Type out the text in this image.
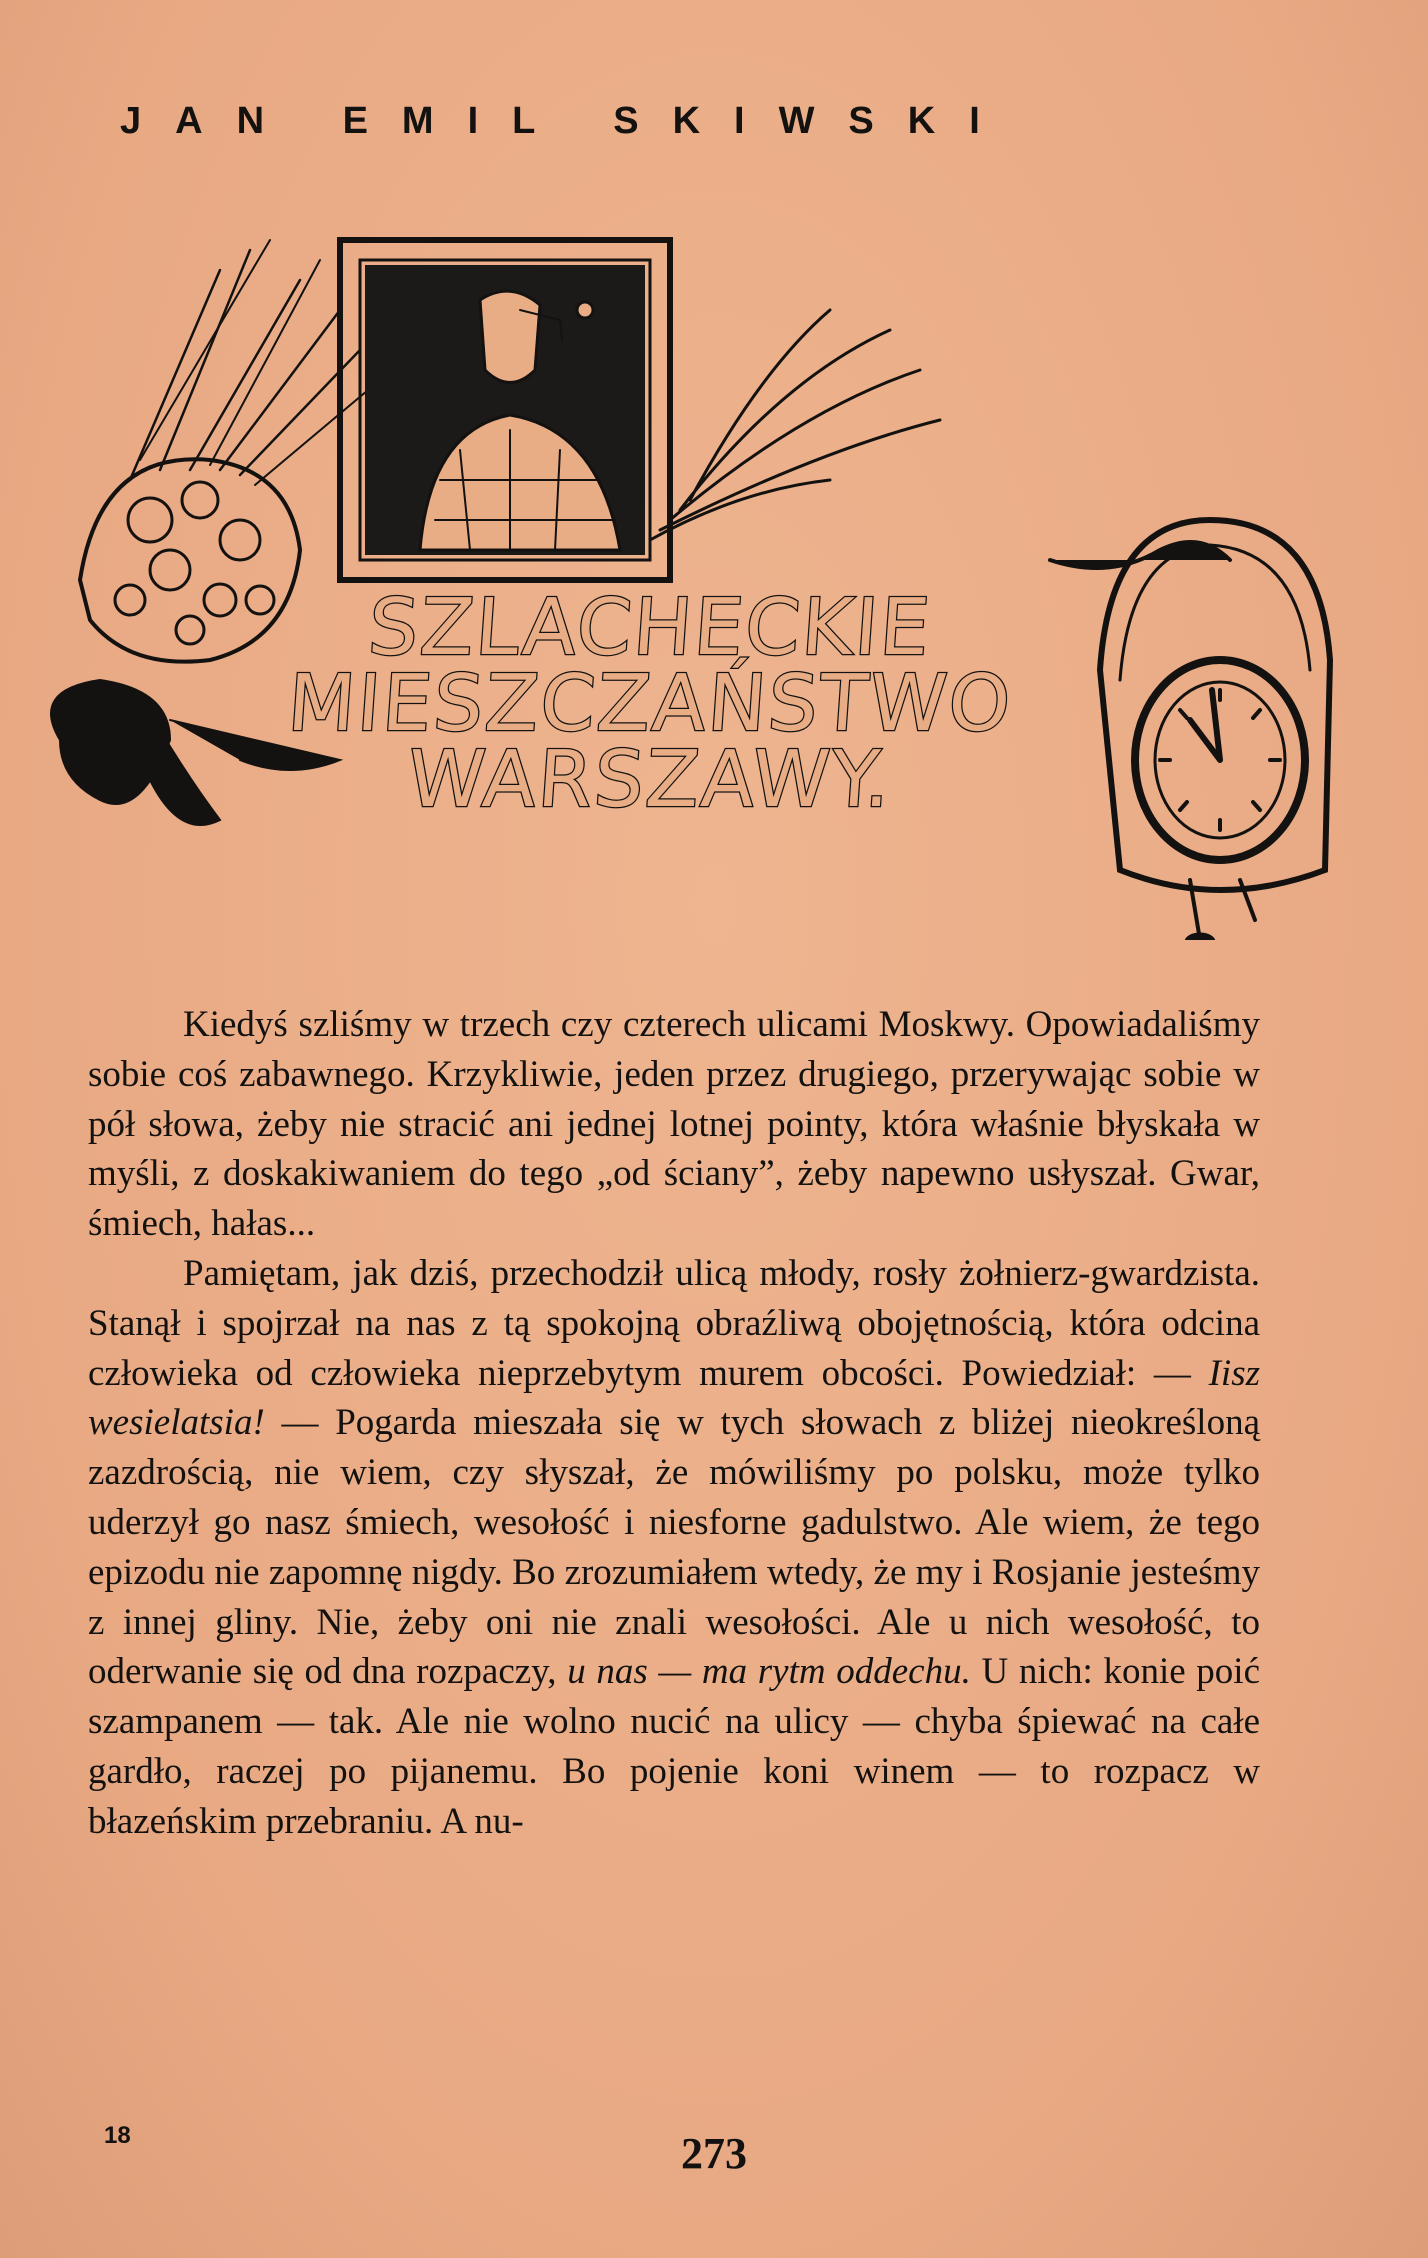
JAN EMIL SKIWSKI
SZLACHECKIE
MIESZCZAŃSTWO
WARSZAWY.

Kiedyś szliśmy w trzech czy czterech ulicami Moskwy. Opowiadaliśmy sobie coś zabawnego. Krzykliwie, jeden przez drugiego, przerywając sobie w pół słowa, żeby nie stracić ani jednej lotnej pointy, która właśnie błyskała w myśli, z doskakiwaniem do tego „od ściany”, żeby napewno usłyszał. Gwar, śmiech, hałas...

Pamiętam, jak dziś, przechodził ulicą młody, rosły żołnierz-gwardzista. Stanął i spojrzał na nas z tą spokojną obraźliwą obojętnością, która odcina człowieka od człowieka nieprzebytym murem obcości. Powiedział: — Iisz wesielatsia! — Pogarda mieszała się w tych słowach z bliżej nieokreśloną zazdrością, nie wiem, czy słyszał, że mówiliśmy po polsku, może tylko uderzył go nasz śmiech, wesołość i niesforne gadulstwo. Ale wiem, że tego epizodu nie zapomnę nigdy. Bo zrozumiałem wtedy, że my i Rosjanie jesteśmy z innej gliny. Nie, żeby oni nie znali wesołości. Ale u nich wesołość, to oderwanie się od dna rozpaczy, u nas — ma rytm oddechu. U nich: konie poić szampanem — tak. Ale nie wolno nucić na ulicy — chyba śpiewać na całe gardło, raczej po pijanemu. Bo pojenie koni winem — to rozpacz w błazeńskim przebraniu. A nu-

18	273
